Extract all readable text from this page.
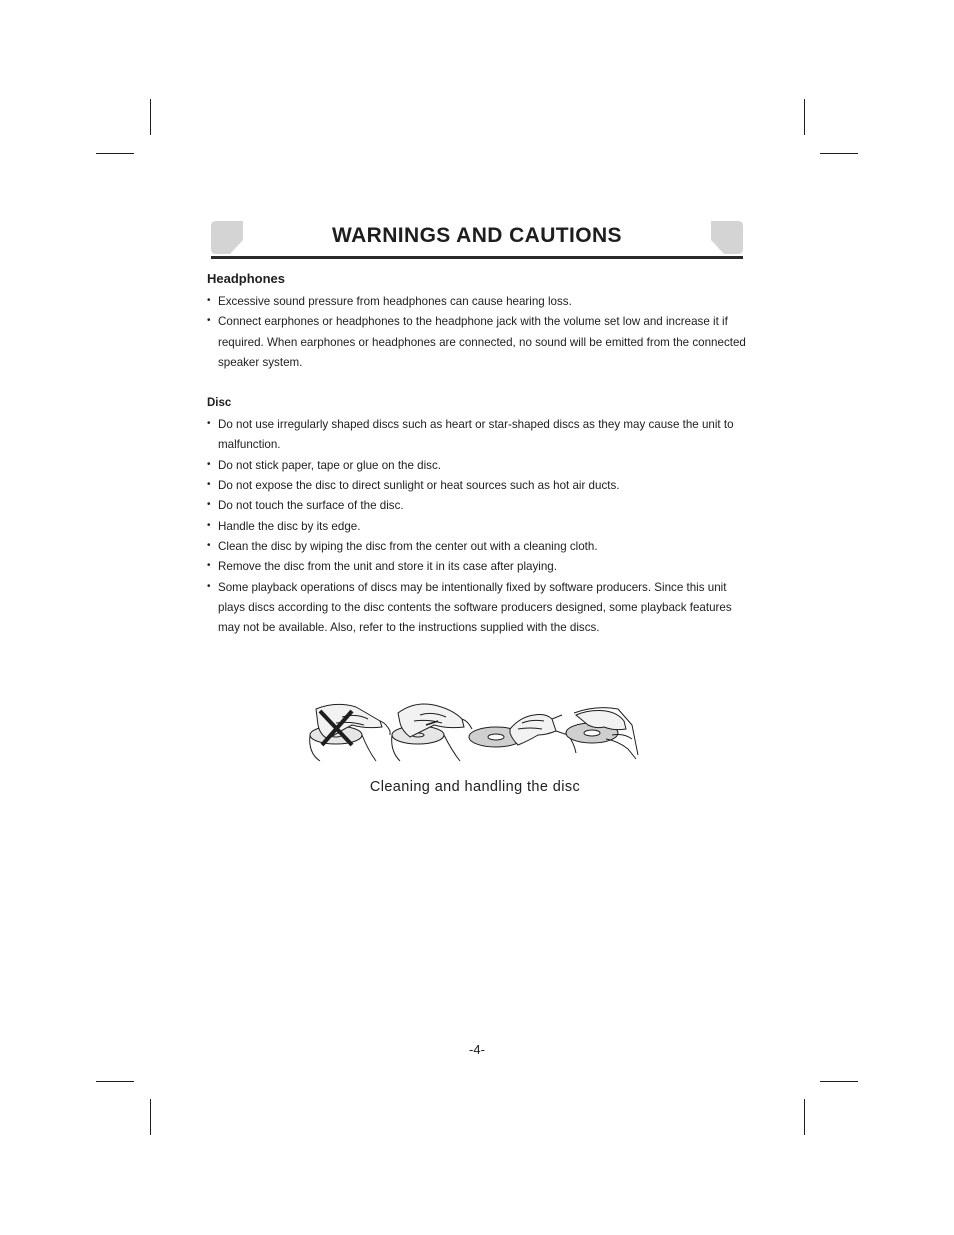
WARNINGS AND CAUTIONS
Headphones
• Excessive sound pressure from headphones can cause hearing loss.
• Connect earphones or headphones to the headphone jack with the volume set low and increase it if required. When earphones or headphones are connected, no sound will be emitted from the connected speaker system.
Disc
• Do not use irregularly shaped discs such as heart or star-shaped discs as they may cause the unit to malfunction.
• Do not stick paper, tape or glue on the disc.
• Do not expose the disc to direct sunlight or heat sources such as hot air ducts.
• Do not touch the surface of the disc.
• Handle the disc by its edge.
• Clean the disc by wiping the disc from the center out with a cleaning cloth.
• Remove the disc from the unit and store it in its case after playing.
• Some playback operations of discs may be intentionally fixed by software producers. Since this unit plays discs according to the disc contents the software producers designed, some playback features may not be available. Also, refer to the instructions supplied with the discs.
Cleaning and handling the disc
-4-
